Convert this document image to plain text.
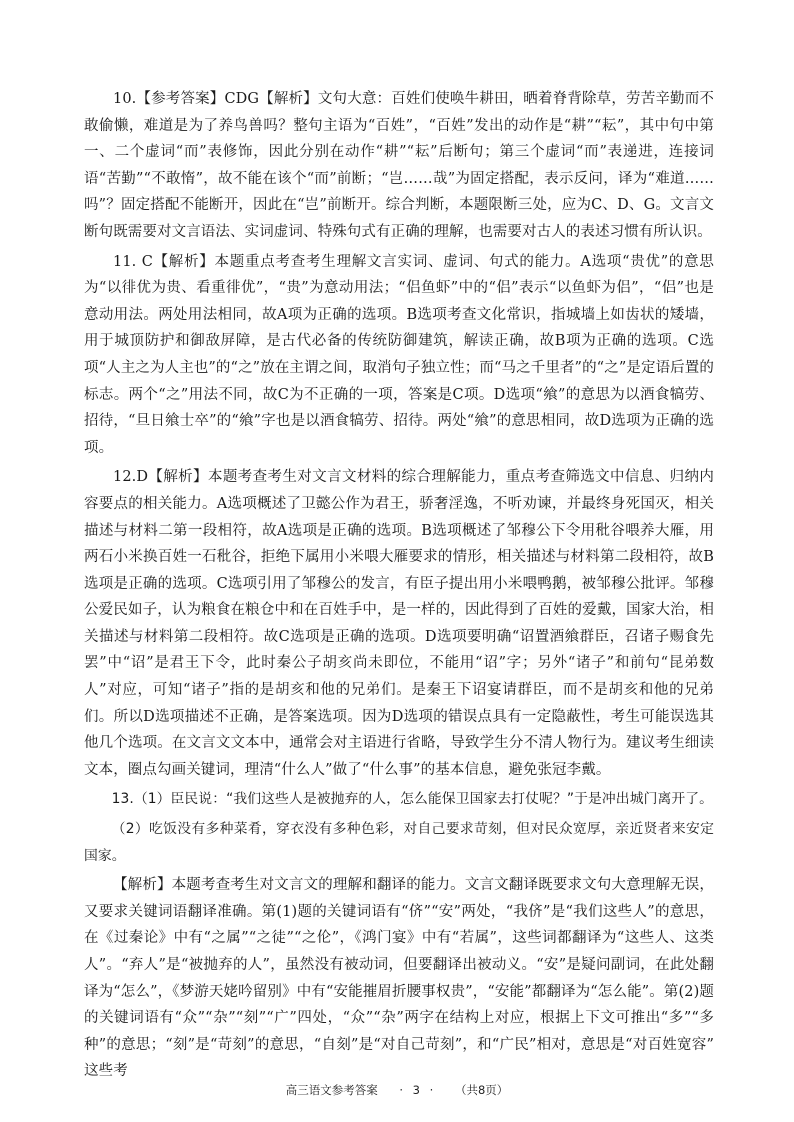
10.【参考答案】CDG【解析】文句大意：百姓们使唤牛耕田，晒着脊背除草，劳苦辛勤而不敢偷懒，难道是为了养鸟兽吗？整句主语为“百姓”，“百姓”发出的动作是“耕”“耘”，其中句中第一、二个虚词“而”表修饰，因此分别在动作“耕”“耘”后断句；第三个虚词“而”表递进，连接词语“苦勤”“不敢惰”，故不能在该个“而”前断；“岂……哉”为固定搭配，表示反问，译为“难道……吗”？固定搭配不能断开，因此在“岂”前断开。综合判断，本题限断三处，应为C、D、G。文言文断句既需要对文言语法、实词虚词、特殊句式有正确的理解，也需要对古人的表述习惯有所认识。

11. C【解析】本题重点考查考生理解文言实词、虚词、句式的能力。A选项“贵优”的意思为“以徘优为贵、看重徘优”，“贵”为意动用法；“侣鱼虾”中的“侣”表示“以鱼虾为侣”，“侣”也是意动用法。两处用法相同，故A项为正确的选项。B选项考查文化常识，指城墙上如齿状的矮墙，用于城顶防护和御敌屏障，是古代必备的传统防御建筑，解读正确，故B项为正确的选项。C选项“人主之为人主也”的“之”放在主谓之间，取消句子独立性；而“马之千里者”的“之”是定语后置的标志。两个“之”用法不同，故C为不正确的一项，答案是C项。D选项“飨”的意思为以酒食犒劳、招待，“旦日飨士卒”的“飨”字也是以酒食犒劳、招待。两处“飨”的意思相同，故D选项为正确的选项。

12.D【解析】本题考查考生对文言文材料的综合理解能力，重点考查筛选文中信息、归纳内容要点的相关能力。A选项概述了卫懿公作为君王，骄奢淫逸，不听劝谏，并最终身死国灭，相关描述与材料二第一段相符，故A选项是正确的选项。B选项概述了邹穆公下令用秕谷喂养大雁，用两石小米换百姓一石秕谷，拒绝下属用小米喂大雁要求的情形，相关描述与材料第二段相符，故B选项是正确的选项。C选项引用了邹穆公的发言，有臣子提出用小米喂鸭鹅，被邹穆公批评。邹穆公爱民如子，认为粮食在粮仓中和在百姓手中，是一样的，因此得到了百姓的爱戴，国家大治，相关描述与材料第二段相符。故C选项是正确的选项。D选项要明确“诏置酒飨群臣，召诸子赐食先罢”中“诏”是君王下令，此时秦公子胡亥尚未即位，不能用“诏”字；另外“诸子”和前句“昆弟数人”对应，可知“诸子”指的是胡亥和他的兄弟们。是秦王下诏宴请群臣，而不是胡亥和他的兄弟们。所以D选项描述不正确，是答案选项。因为D选项的错误点具有一定隐蔽性，考生可能误选其他几个选项。在文言文文本中，通常会对主语进行省略，导致学生分不清人物行为。建议考生细读文本，圈点勾画关键词，理清“什么人”做了“什么事”的基本信息，避免张冠李戴。

13.（1）臣民说：“我们这些人是被抛弃的人，怎么能保卫国家去打仗呢？”于是冲出城门离开了。

（2）吃饭没有多种菜肴，穿衣没有多种色彩，对自己要求苛刻，但对民众宽厚，亲近贤者来安定国家。

【解析】本题考查考生对文言文的理解和翻译的能力。文言文翻译既要求文句大意理解无误，又要求关键词语翻译准确。第(1)题的关键词语有“侪”“安”两处，“我侪”是“我们这些人”的意思，在《过秦论》中有“之属”“之徒”“之伦”，《鸿门宴》中有“若属”，这些词都翻译为“这些人、这类人”。“弃人”是“被抛弃的人”，虽然没有被动词，但要翻译出被动义。“安”是疑问副词，在此处翻译为“怎么”，《梦游天姥吟留别》中有“安能摧眉折腰事权贵”，“安能”都翻译为“怎么能”。第(2)题的关键词语有“众”“杂”“刻”“广”四处，“众”“杂”两字在结构上对应，根据上下文可推出“多”“多种”的意思；“刻”是“苛刻”的意思，“自刻”是“对自己苛刻”，和“广民”相对，意思是“对百姓宽容” 这些考

高三语文参考答案 · 3 · （共8页）
